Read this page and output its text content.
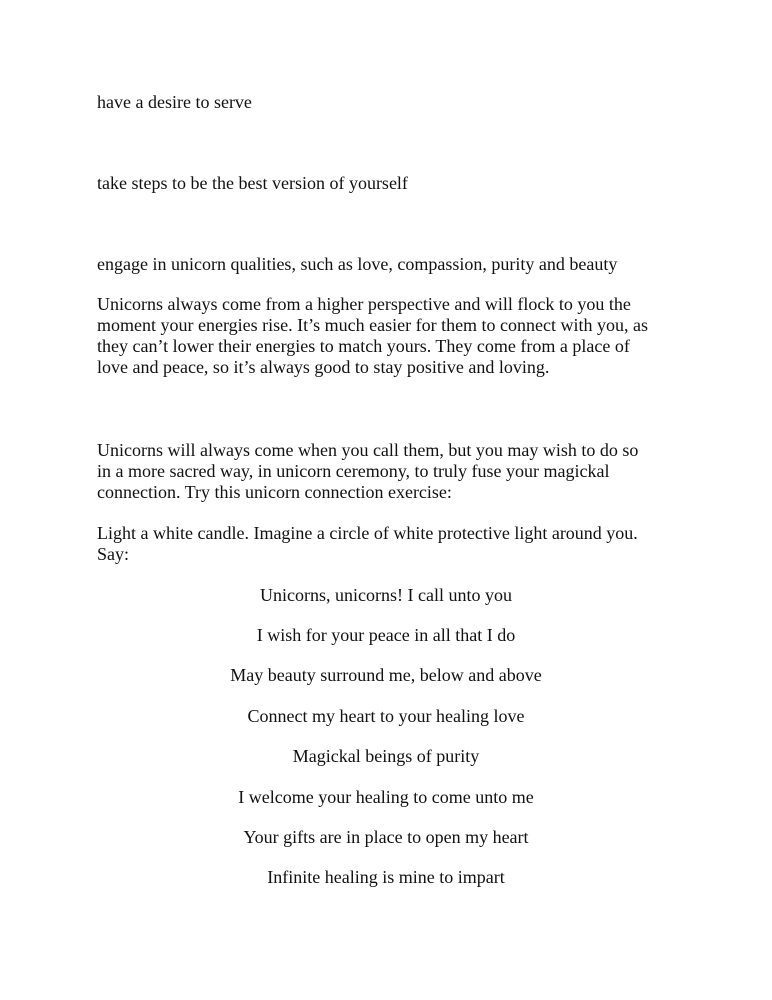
have a desire to serve

take steps to be the best version of yourself

engage in unicorn qualities, such as love, compassion, purity and beauty

Unicorns always come from a higher perspective and will flock to you the
moment your energies rise. It’s much easier for them to connect with you, as
they can’t lower their energies to match yours. They come from a place of
love and peace, so it’s always good to stay positive and loving.
Unicorns will always come when you call them, but you may wish to do so
in a more sacred way, in unicorn ceremony, to truly fuse your magickal
connection. Try this unicorn connection exercise:
Light a white candle. Imagine a circle of white protective light around you.
Say:

Unicorns, unicorns! I call unto you

I wish for your peace in all that I do

May beauty surround me, below and above

Connect my heart to your healing love

Magickal beings of purity

I welcome your healing to come unto me

Your gifts are in place to open my heart

Infinite healing is mine to impart
